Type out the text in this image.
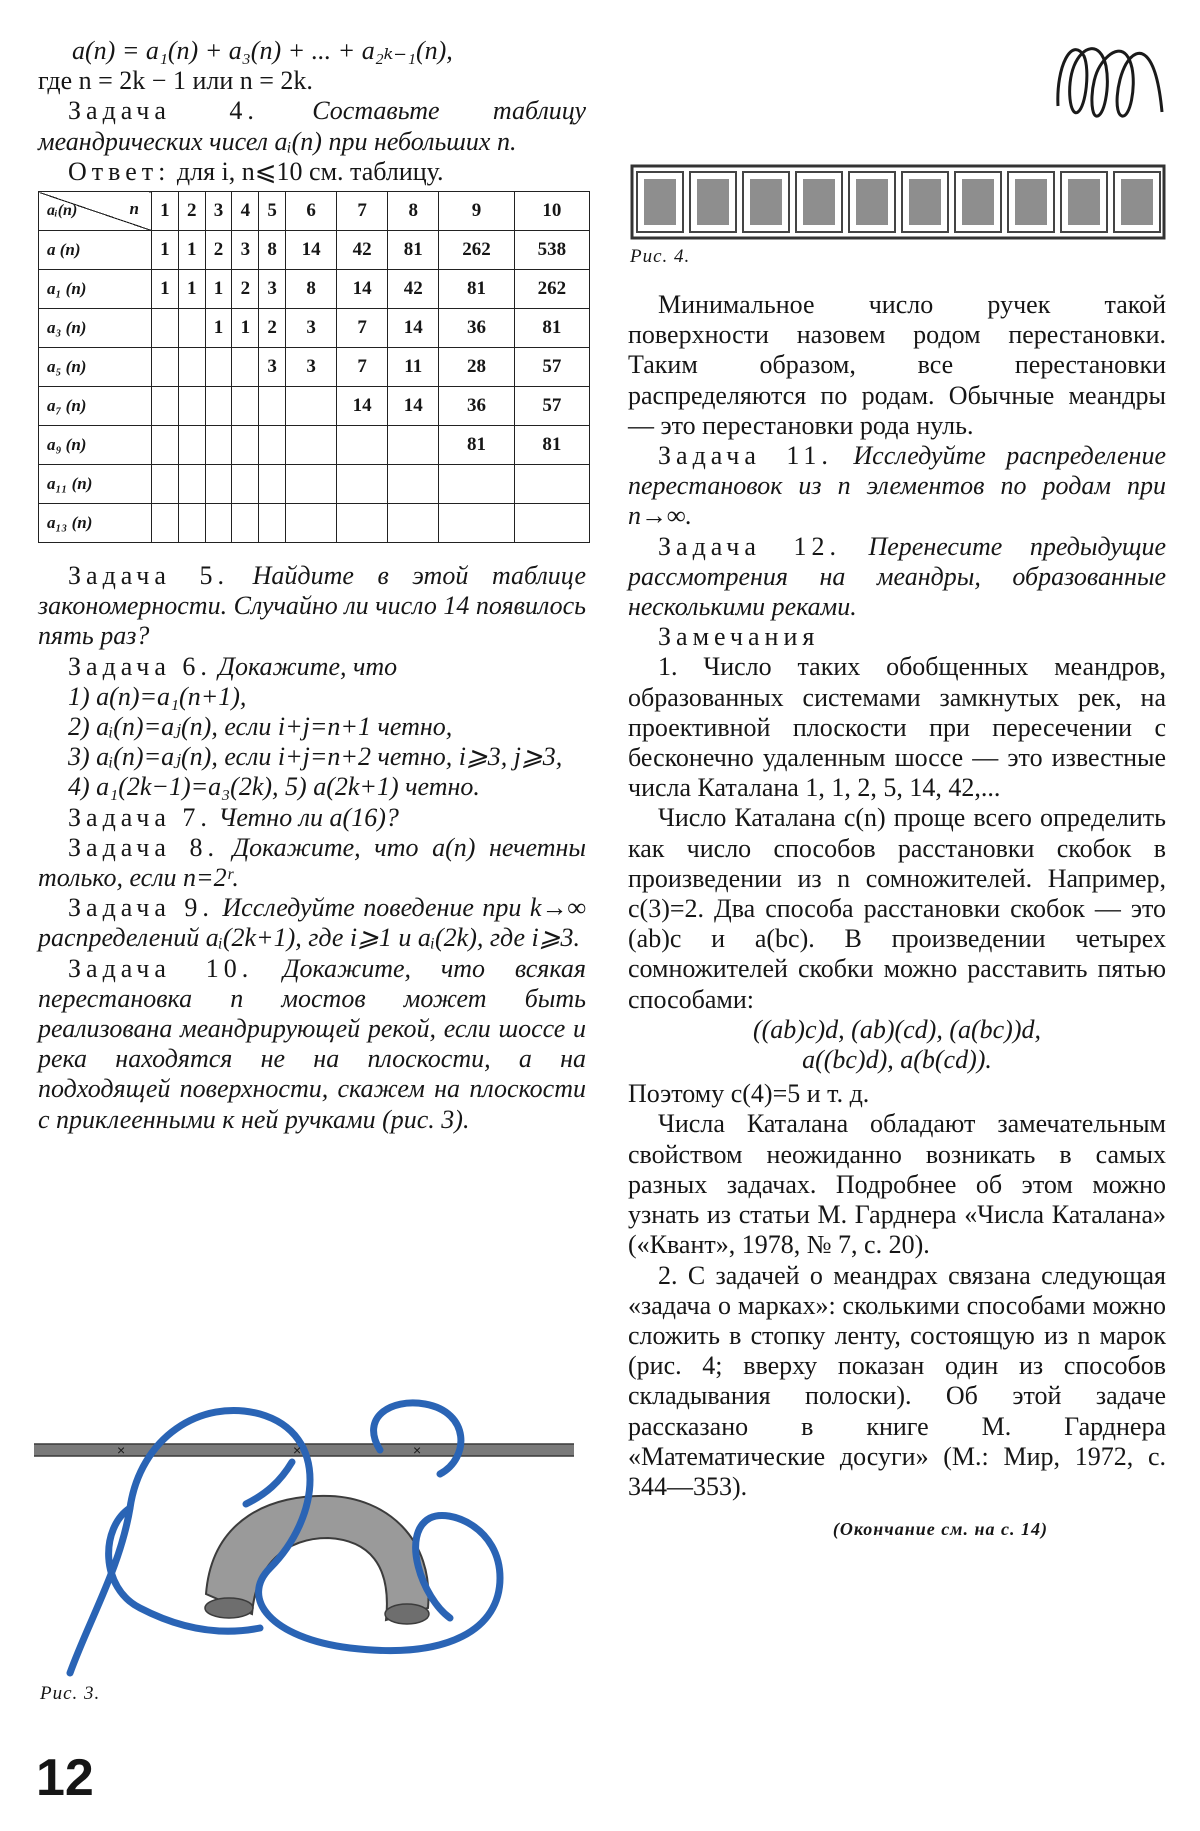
a(n) = a₁(n) + a₃(n) + ... + a₂ₖ₋₁(n),

где n = 2k − 1 или n = 2k.

Задача 4. Составьте таблицу меандрических чисел aᵢ(n) при небольших n.

Ответ: для i, n⩽10 см. таблицу.

n
aᵢ(n)	1	2	3	4	5	6	7	8	9	10
a (n)	1	1	2	3	8	14	42	81	262	538
a₁ (n)	1	1	1	2	3	8	14	42	81	262
a₃ (n)			1	1	2	3	7	14	36	81
a₅ (n)					3	3	7	11	28	57
a₇ (n)							14	14	36	57
a₉ (n)									81	81
a₁₁ (n)										
a₁₃ (n)										

Задача 5. Найдите в этой таблице закономерности. Случайно ли число 14 появилось пять раз?

Задача 6. Докажите, что

1) a(n)=a₁(n+1),

2) aᵢ(n)=aⱼ(n), если i+j=n+1 четно,

3) aᵢ(n)=aⱼ(n), если i+j=n+2 четно, i⩾3, j⩾3,

4) a₁(2k−1)=a₃(2k), 5) a(2k+1) четно.

Задача 7. Четно ли a(16)?

Задача 8. Докажите, что a(n) нечетны только, если n=2ʳ.

Задача 9. Исследуйте поведение при k→∞ распределений aᵢ(2k+1), где i⩾1 и aᵢ(2k), где i⩾3.

Задача 10. Докажите, что всякая перестановка n мостов может быть реализована меандрирующей рекой, если шоссе и река находятся не на плоскости, а на подходящей поверхности, скажем на плоскости с приклеенными к ней ручками (рис. 3).

×	×	×
Рис. 3.
Рис. 4.

Минимальное число ручек такой поверхности назовем родом перестановки. Таким образом, все перестановки распределяются по родам. Обычные меандры — это перестановки рода нуль.

Задача 11. Исследуйте распределение перестановок из n элементов по родам при n→∞.

Задача 12. Перенесите предыдущие рассмотрения на меандры, образованные несколькими реками.

Замечания

1. Число таких обобщенных меандров, образованных системами замкнутых рек, на проективной плоскости при пересечении с бесконечно удаленным шоссе — это известные числа Каталана 1, 1, 2, 5, 14, 42,...

Число Каталана c(n) проще всего определить как число способов расстановки скобок в произведении из n сомножителей. Например, c(3)=2. Два способа расстановки скобок — это (ab)c и a(bc). В произведении четырех сомножителей скобки можно расставить пятью способами:

((ab)c)d, (ab)(cd), (a(bc))d,

a((bc)d), a(b(cd)).

Поэтому c(4)=5 и т. д.

Числа Каталана обладают замечательным свойством неожиданно возникать в самых разных задачах. Подробнее об этом можно узнать из статьи М. Гарднера «Числа Каталана» («Квант», 1978, № 7, с. 20).

2. С задачей о меандрах связана следующая «задача о марках»: сколькими способами можно сложить в стопку ленту, состоящую из n марок (рис. 4; вверху показан один из способов складывания полоски). Об этой задаче рассказано в книге М. Гарднера «Математические досуги» (М.: Мир, 1972, с. 344—353).

(Окончание см. на с. 14)

12
